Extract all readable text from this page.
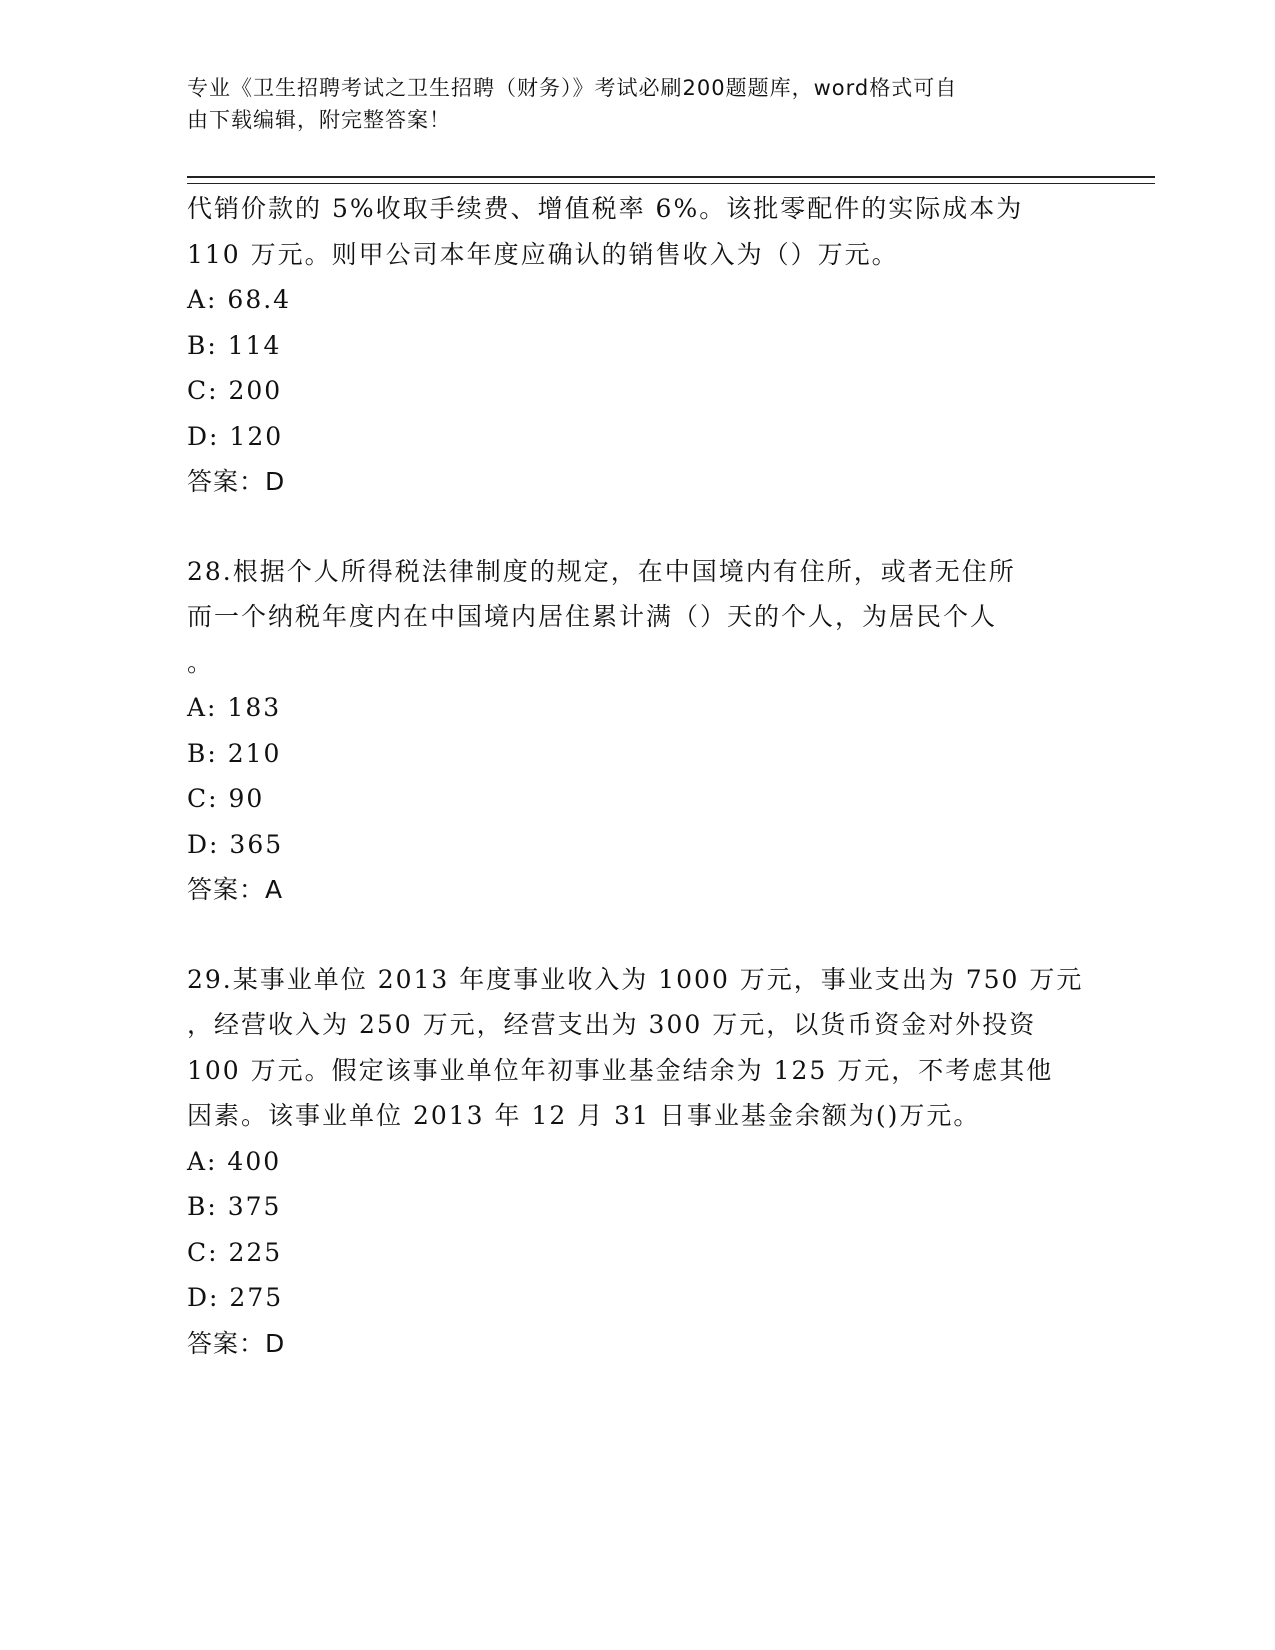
专业《卫生招聘考试之卫生招聘（财务）》考试必刷200题题库，word格式可自
由下载编辑，附完整答案！
代销价款的 5%收取手续费、增值税率 6%。该批零配件的实际成本为
110 万元。则甲公司本年度应确认的销售收入为（）万元。
A: 68.4
B: 114
C: 200
D: 120
答案：D
28.根据个人所得税法律制度的规定，在中国境内有住所，或者无住所
而一个纳税年度内在中国境内居住累计满（）天的个人，为居民个人
。
A: 183
B: 210
C: 90
D: 365
答案：A
29.某事业单位 2013 年度事业收入为 1000 万元，事业支出为 750 万元
，经营收入为 250 万元，经营支出为 300 万元，以货币资金对外投资
100 万元。假定该事业单位年初事业基金结余为 125 万元，不考虑其他
因素。该事业单位 2013 年 12 月 31 日事业基金余额为()万元。
A: 400
B: 375
C: 225
D: 275
答案：D
